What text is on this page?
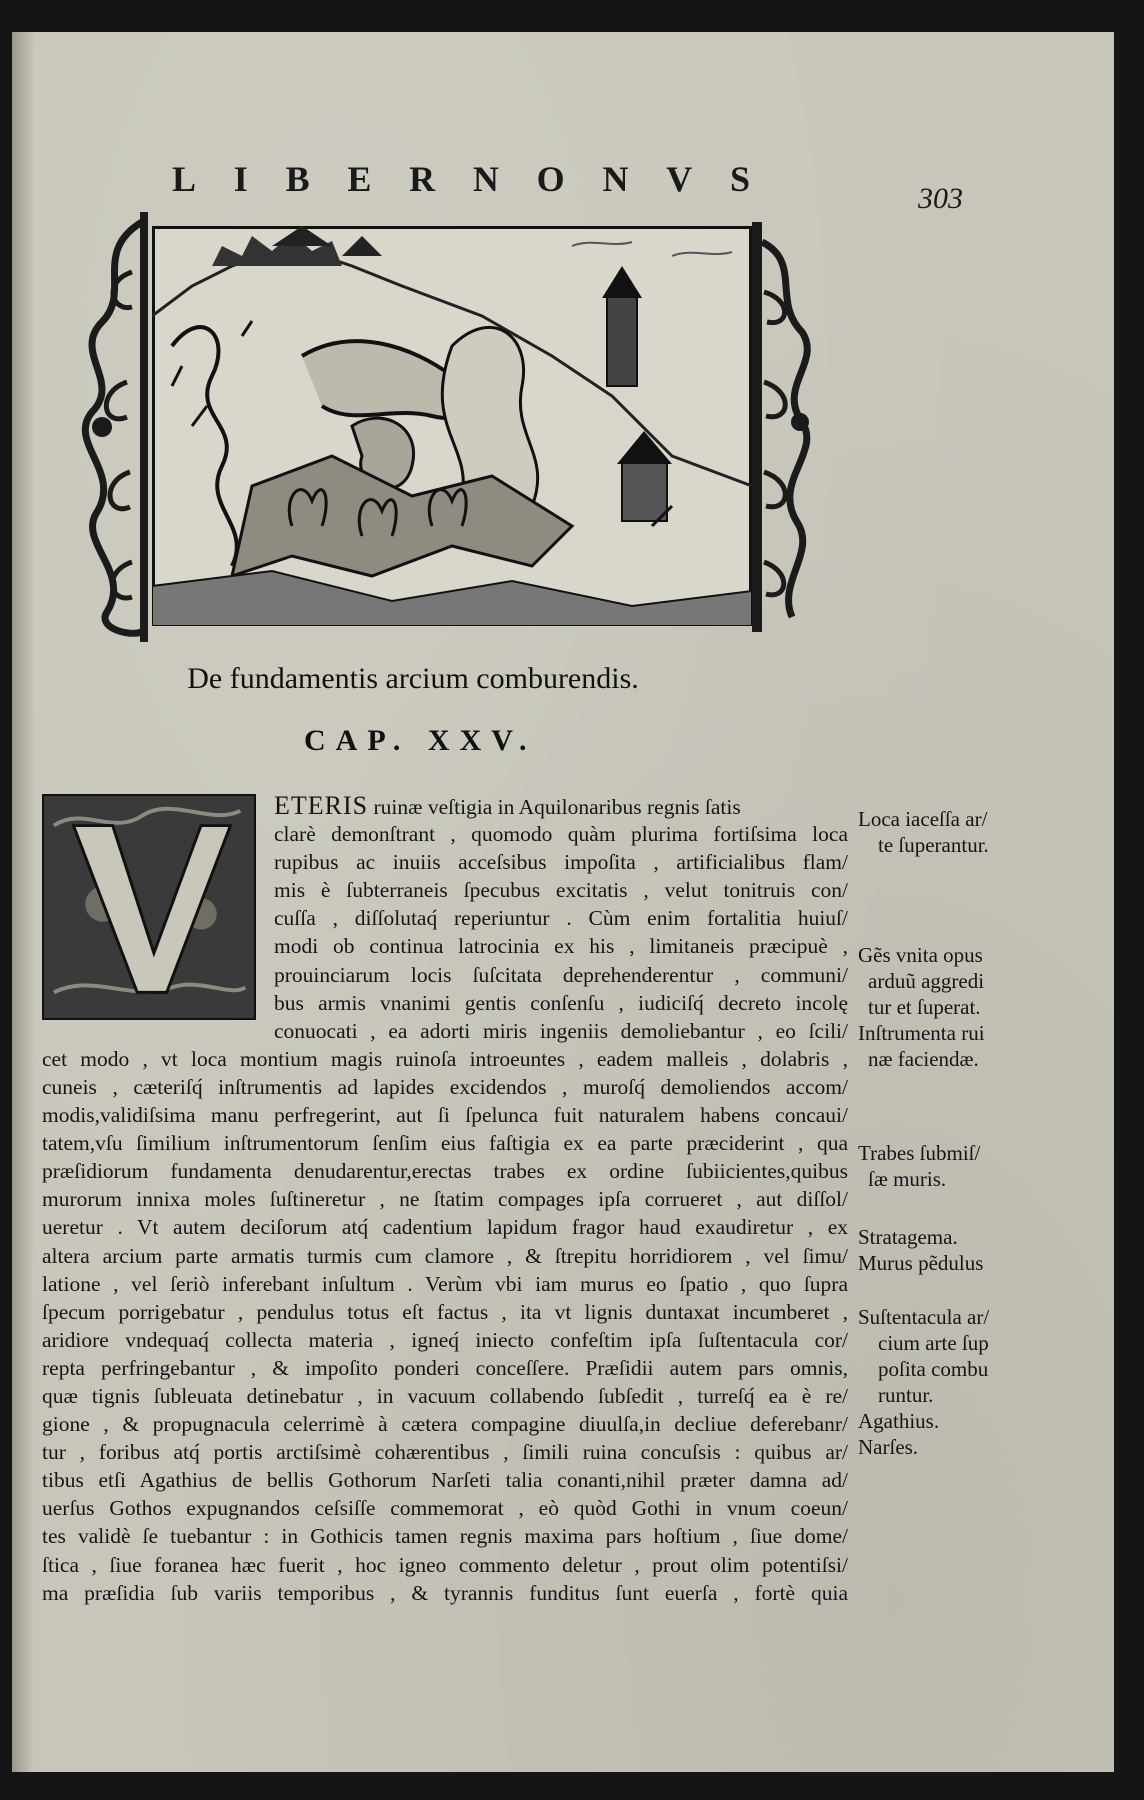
L I B E R N O N V S	303
De fundamentis arcium comburendis.
CAP. XXV.
ETERIS ruinæ veſtigia in Aquilonaribus regnis ſatis
clarè demonſtrant , quomodo quàm plurima fortiſsima loca
rupibus ac inuiis acceſsibus impoſita , artificialibus flam/
mis è ſubterraneis ſpecubus excitatis , velut tonitruis con/
cuſſa , diſſolutaq́ reperiuntur . Cùm enim fortalitia huiuſ/
modi ob continua latrocinia ex his , limitaneis præcipuè ,
prouinciarum locis ſuſcitata deprehenderentur , communi/
bus armis vnanimi gentis conſenſu , iudiciſq́ decreto incolę
conuocati , ea adorti miris ingeniis demoliebantur , eo ſcili/
cet modo , vt loca montium magis ruinoſa introeuntes , eadem malleis , dolabris ,
cuneis , cæteriſq́ inſtrumentis ad lapides excidendos , muroſq́ demoliendos accom/
modis,validiſsima manu perfregerint, aut ſi ſpelunca fuit naturalem habens concaui/
tatem,vſu ſimilium inſtrumentorum ſenſim eius faſtigia ex ea parte præciderint , qua
præſidiorum fundamenta denudarentur,erectas trabes ex ordine ſubiicientes,quibus
murorum innixa moles ſuſtineretur , ne ſtatim compages ipſa corrueret , aut diſſol/
ueretur . Vt autem deciſorum atq́ cadentium lapidum fragor haud exaudiretur , ex
altera arcium parte armatis turmis cum clamore , & ſtrepitu horridiorem , vel ſimu/
latione , vel ſeriò inferebant inſultum . Verùm vbi iam murus eo ſpatio , quo ſupra
ſpecum porrigebatur , pendulus totus eſt factus , ita vt lignis duntaxat incumberet ,
aridiore vndequaq́ collecta materia , igneq́ iniecto confeſtim ipſa ſuſtentacula cor/
repta perfringebantur , & impoſito ponderi conceſſere. Præſidii autem pars omnis,
quæ tignis ſubleuata detinebatur , in vacuum collabendo ſubſedit , turreſq́ ea è re/
gione , & propugnacula celerrimè à cætera compagine diuulſa,in decliue deferebanr/
tur , foribus atq́ portis arctiſsimè cohærentibus , ſimili ruina concuſsis : quibus ar/
tibus etſi Agathius de bellis Gothorum Narſeti talia conanti,nihil præter damna ad/
uerſus Gothos expugnandos ceſsiſſe commemorat , eò quòd Gothi in vnum coeun/
tes validè ſe tuebantur : in Gothicis tamen regnis maxima pars hoſtium , ſiue dome/
ſtica , ſiue foranea hæc fuerit , hoc igneo commento deletur , prout olim potentiſsi/
ma præſidia ſub variis temporibus , & tyrannis funditus ſunt euerſa , fortè quia
Loca iaceſſa ar/
te ſuperantur.
Gẽs vnita opus
arduũ aggredi
tur et ſuperat.
Inſtrumenta rui
næ faciendæ.
Trabes ſubmiſ/
ſæ muris.
Stratagema.
Murus pẽdulus
Suſtentacula ar/
cium arte ſup
poſita combu
runtur.
Agathius.
Narſes.
